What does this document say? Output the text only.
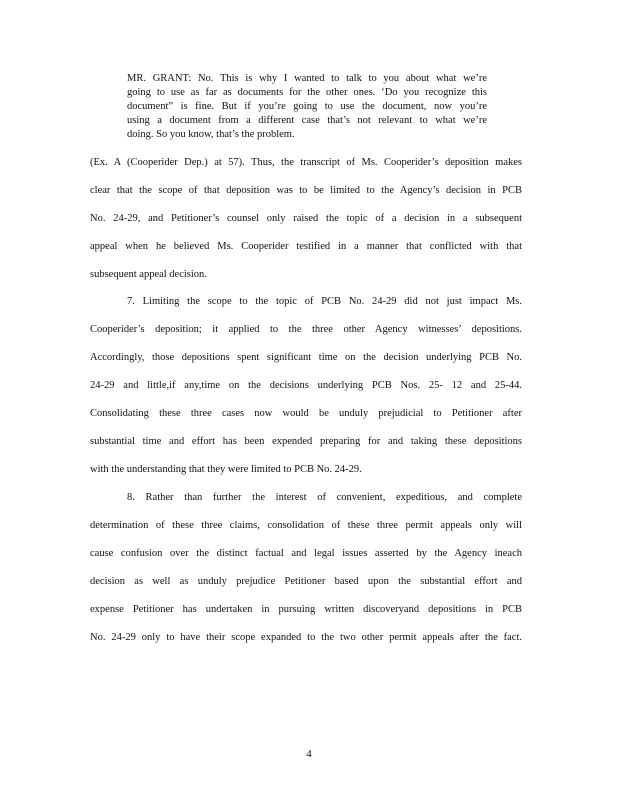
MR. GRANT: No. This is why I wanted to talk to you about what we’re
going to use as far as documents for the other ones. ‘Do you recognize this
document” is fine. But if you’re going to use the document, now you’re
using a document from a different case that’s not relevant to what we’re
doing. So you know, that’s the problem.
(Ex. A (Cooperider Dep.) at 57). Thus, the transcript of Ms. Cooperider’s deposition makes
clear that the scope of that deposition was to be limited to the Agency’s decision in PCB
No. 24-29, and Petitioner’s counsel only raised the topic of a decision in a subsequent
appeal when he believed Ms. Cooperider testified in a manner that conflicted with that
subsequent appeal decision.
7. Limiting the scope to the topic of PCB No. 24-29 did not just impact Ms.
Cooperider’s deposition; it applied to the three other Agency witnesses’ depositions.
Accordingly, those depositions spent significant time on the decision underlying PCB No.
24-29 and little,if any,time on the decisions underlying PCB Nos. 25- 12 and 25-44.
Consolidating these three cases now would be unduly prejudicial to Petitioner after
substantial time and effort has been expended preparing for and taking these depositions
with the understanding that they were limited to PCB No. 24-29.
8. Rather than further the interest of convenient, expeditious, and complete
determination of these three claims, consolidation of these three permit appeals only will
cause confusion over the distinct factual and legal issues asserted by the Agency ineach
decision as well as unduly prejudice Petitioner based upon the substantial effort and
expense Petitioner has undertaken in pursuing written discoveryand depositions in PCB
No. 24-29 only to have their scope expanded to the two other permit appeals after the fact.
4
